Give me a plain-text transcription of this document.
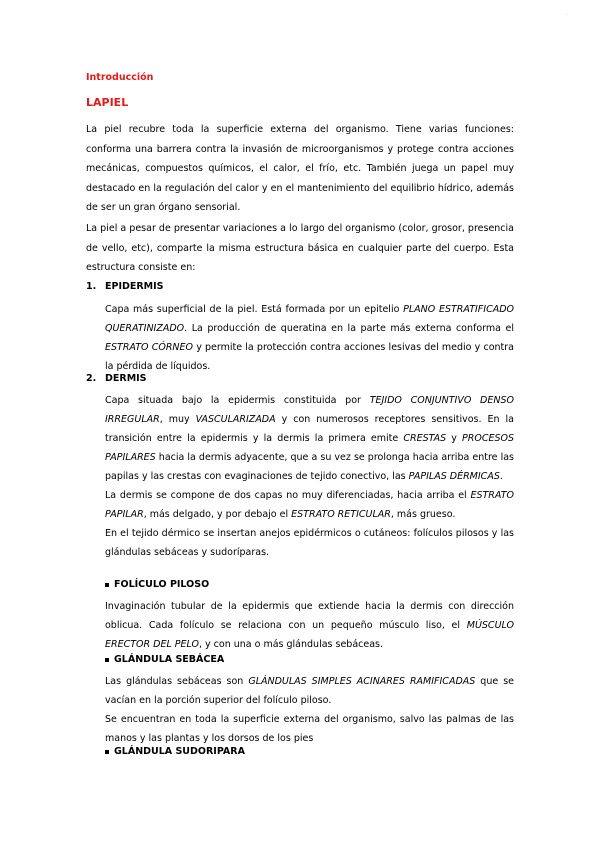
·
Introducción
LAPIEL
La piel recubre toda la superficie externa del organismo. Tiene varias funciones: conforma una barrera contra la invasión de microorganismos y protege contra acciones mecánicas, compuestos químicos, el calor, el frío, etc. También juega un papel muy destacado en la regulación del calor y en el mantenimiento del equilibrio hídrico, además de ser un gran órgano sensorial.
La piel a pesar de presentar variaciones a lo largo del organismo (color, grosor, presencia de vello, etc), comparte la misma estructura básica en cualquier parte del cuerpo. Esta estructura consiste en:
1. EPIDERMIS
Capa más superficial de la piel. Está formada por un epitelio PLANO ESTRATIFICADO QUERATINIZADO. La producción de queratina en la parte más externa conforma el ESTRATO CÓRNEO y permite la protección contra acciones lesivas del medio y contra la pérdida de líquidos.
2. DERMIS

Capa situada bajo la epidermis constituida por TEJIDO CONJUNTIVO DENSO IRREGULAR, muy VASCULARIZADA y con numerosos receptores sensitivos. En la transición entre la epidermis y la dermis la primera emite CRESTAS y PROCESOS PAPILARES hacia la dermis adyacente, que a su vez se prolonga hacia arriba entre las papilas y las crestas con evaginaciones de tejido conectivo, las PAPILAS DÉRMICAS.

La dermis se compone de dos capas no muy diferenciadas, hacia arriba el ESTRATO PAPILAR, más delgado, y por debajo el ESTRATO RETICULAR, más grueso.

En el tejido dérmico se insertan anejos epidérmicos o cutáneos: folículos pilosos y las glándulas sebáceas y sudoríparas.

FOLÍCULO PILOSO
Invaginación tubular de la epidermis que extiende hacia la dermis con dirección oblicua. Cada folículo se relaciona con un pequeño músculo liso, el MÚSCULO ERECTOR DEL PELO, y con una o más glándulas sebáceas.
GLÁNDULA SEBÁCEA

Las glándulas sebáceas son GLÁNDULAS SIMPLES ACINARES RAMIFICADAS que se vacían en la porción superior del folículo piloso.

Se encuentran en toda la superficie externa del organismo, salvo las palmas de las manos y las plantas y los dorsos de los pies

GLÁNDULA SUDORIPARA
